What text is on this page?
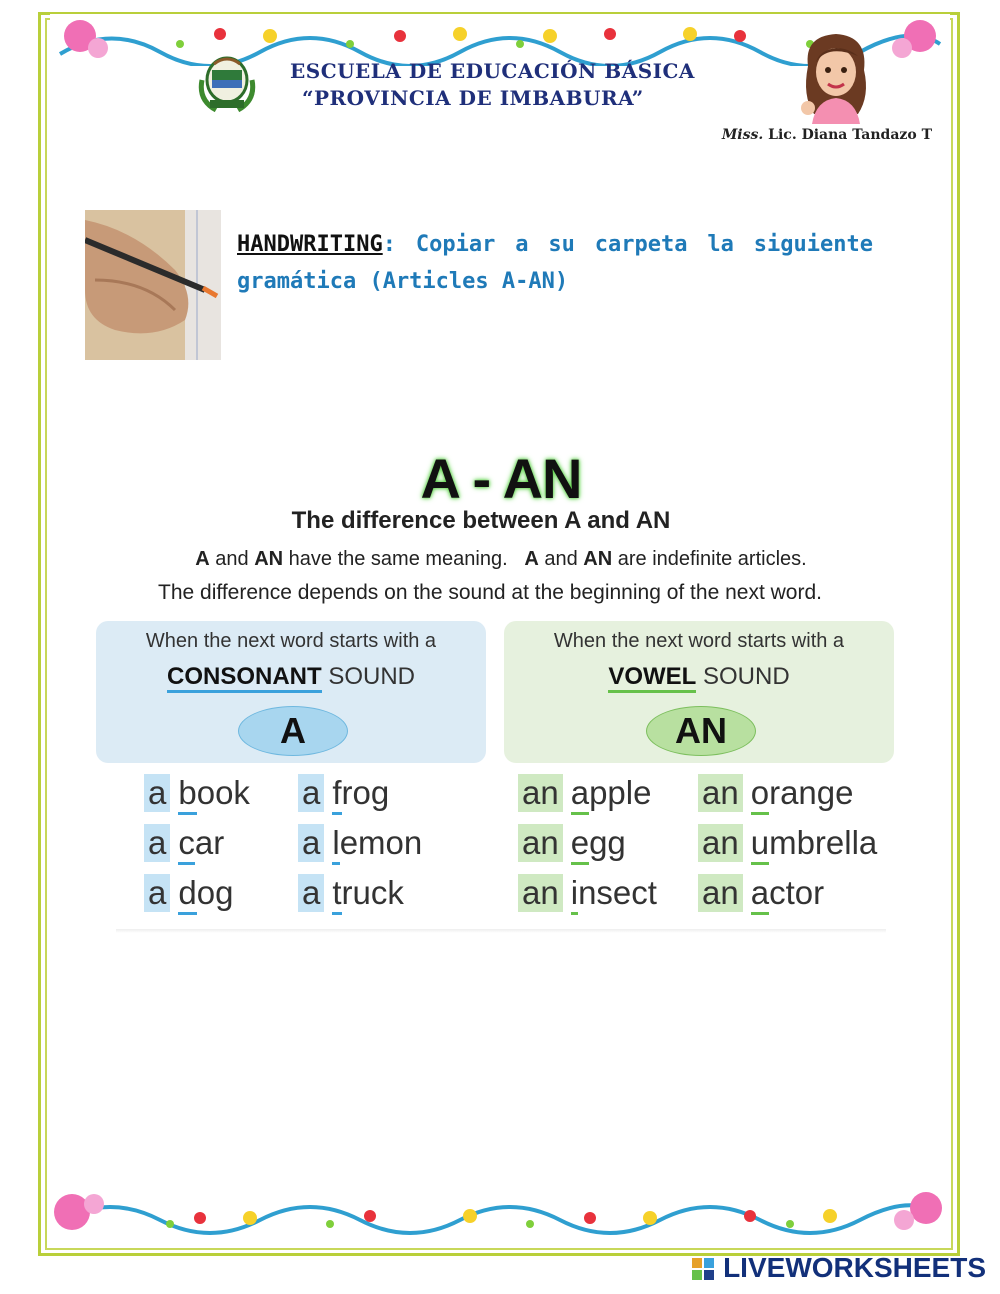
ESCUELA DE EDUCACIÓN BÁSICA
“PROVINCIA DE IMBABURA”
Miss. Lic. Diana Tandazo T
HANDWRITING: Copiar a su carpeta la siguiente gramática (Articles A-AN)
A - AN
The difference between A and AN
A and AN have the same meaning.   A and AN are indefinite articles.
The difference depends on the sound at the beginning of the next word.
When the next word starts with a
CONSONANT SOUND
A
When the next word starts with a
VOWEL SOUND
AN
a book
a car
a dog
a frog
a lemon
a truck
an apple
an egg
an insect
an orange
an umbrella
an actor
LIVEWORKSHEETS
